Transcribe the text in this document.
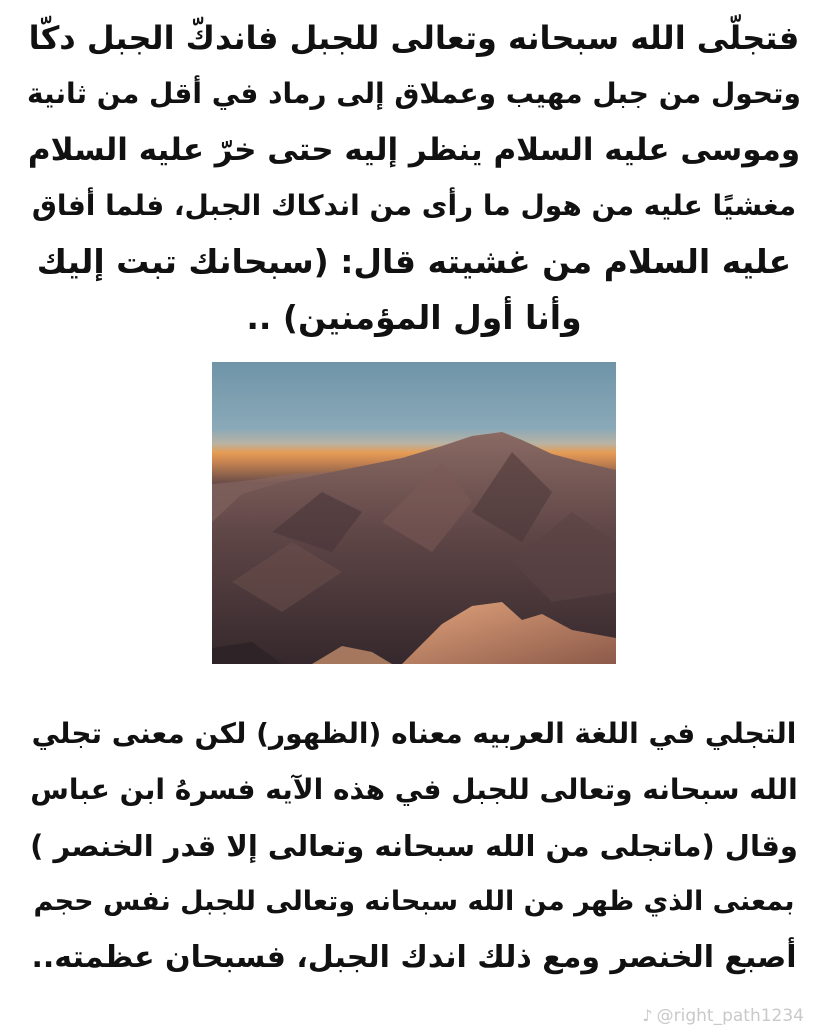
فتجلّى الله سبحانه وتعالى للجبل فاندكّ الجبل دكّا
وتحول من جبل مهيب وعملاق إلى رماد في أقل من ثانية
وموسى عليه السلام ينظر إليه حتى خرّ عليه السلام
مغشيًا عليه من هول ما رأى من اندكاك الجبل، فلما أفاق
عليه السلام من غشيته قال: (سبحانك تبت إليك
وأنا أول المؤمنين) ..
التجلي في اللغة العربيه معناه (الظهور) لكن معنى تجلي
الله سبحانه وتعالى للجبل في هذه الآيه فسرهُ ابن عباس
وقال (ماتجلى من الله سبحانه وتعالى إلا قدر الخنصر )
بمعنى الذي ظهر من الله سبحانه وتعالى للجبل نفس حجم
أصبع الخنصر ومع ذلك اندك الجبل، فسبحان عظمته..
♪ @right_path1234
